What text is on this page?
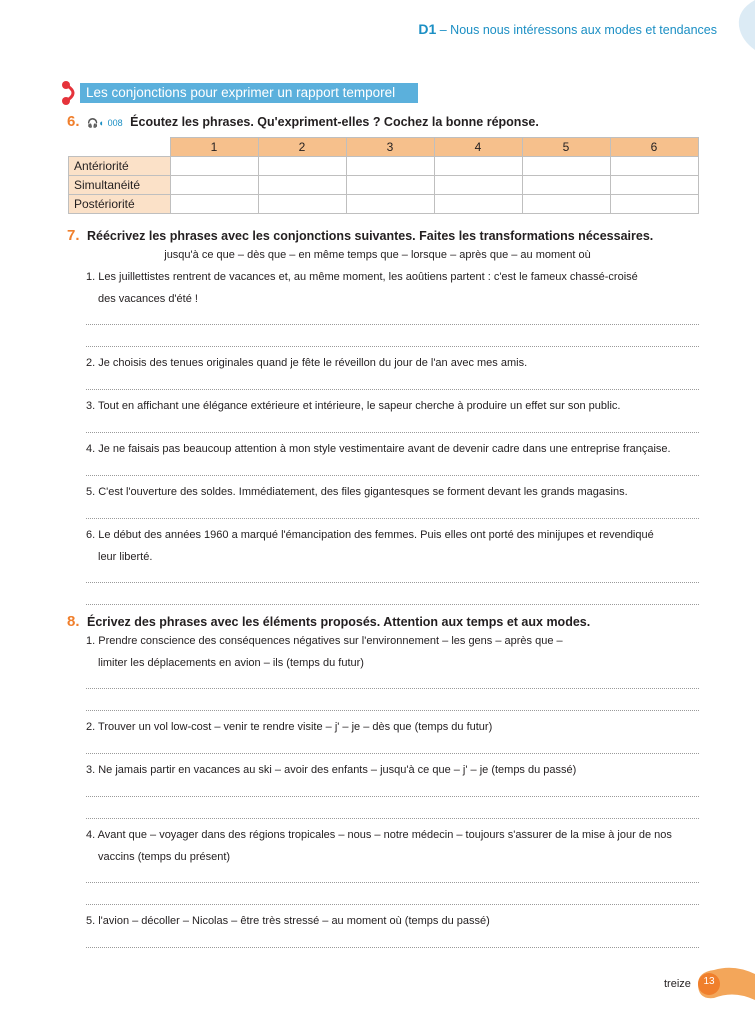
D1 – Nous nous intéressons aux modes et tendances
Les conjonctions pour exprimer un rapport temporel
6. 🎧◖ 008 Écoutez les phrases. Qu'expriment-elles ? Cochez la bonne réponse.
	1	2	3	4	5	6
Antériorité						
Simultanéité						
Postériorité						
7. Réécrivez les phrases avec les conjonctions suivantes. Faites les transformations nécessaires.
jusqu'à ce que – dès que – en même temps que – lorsque – après que – au moment où
1. Les juillettistes rentrent de vacances et, au même moment, les aoûtiens partent : c'est le fameux chassé-croisé
des vacances d'été !
2. Je choisis des tenues originales quand je fête le réveillon du jour de l'an avec mes amis.
3. Tout en affichant une élégance extérieure et intérieure, le sapeur cherche à produire un effet sur son public.
4. Je ne faisais pas beaucoup attention à mon style vestimentaire avant de devenir cadre dans une entreprise française.
5. C'est l'ouverture des soldes. Immédiatement, des files gigantesques se forment devant les grands magasins.
6. Le début des années 1960 a marqué l'émancipation des femmes. Puis elles ont porté des minijupes et revendiqué
leur liberté.
8. Écrivez des phrases avec les éléments proposés. Attention aux temps et aux modes.
1. Prendre conscience des conséquences négatives sur l'environnement – les gens – après que –
limiter les déplacements en avion – ils (temps du futur)
2. Trouver un vol low-cost – venir te rendre visite – j' – je – dès que (temps du futur)
3. Ne jamais partir en vacances au ski – avoir des enfants – jusqu'à ce que – j' – je (temps du passé)
4. Avant que – voyager dans des régions tropicales – nous – notre médecin – toujours s'assurer de la mise à jour de nos
vaccins (temps du présent)
5. l'avion – décoller – Nicolas – être très stressé – au moment où (temps du passé)
treize	13
